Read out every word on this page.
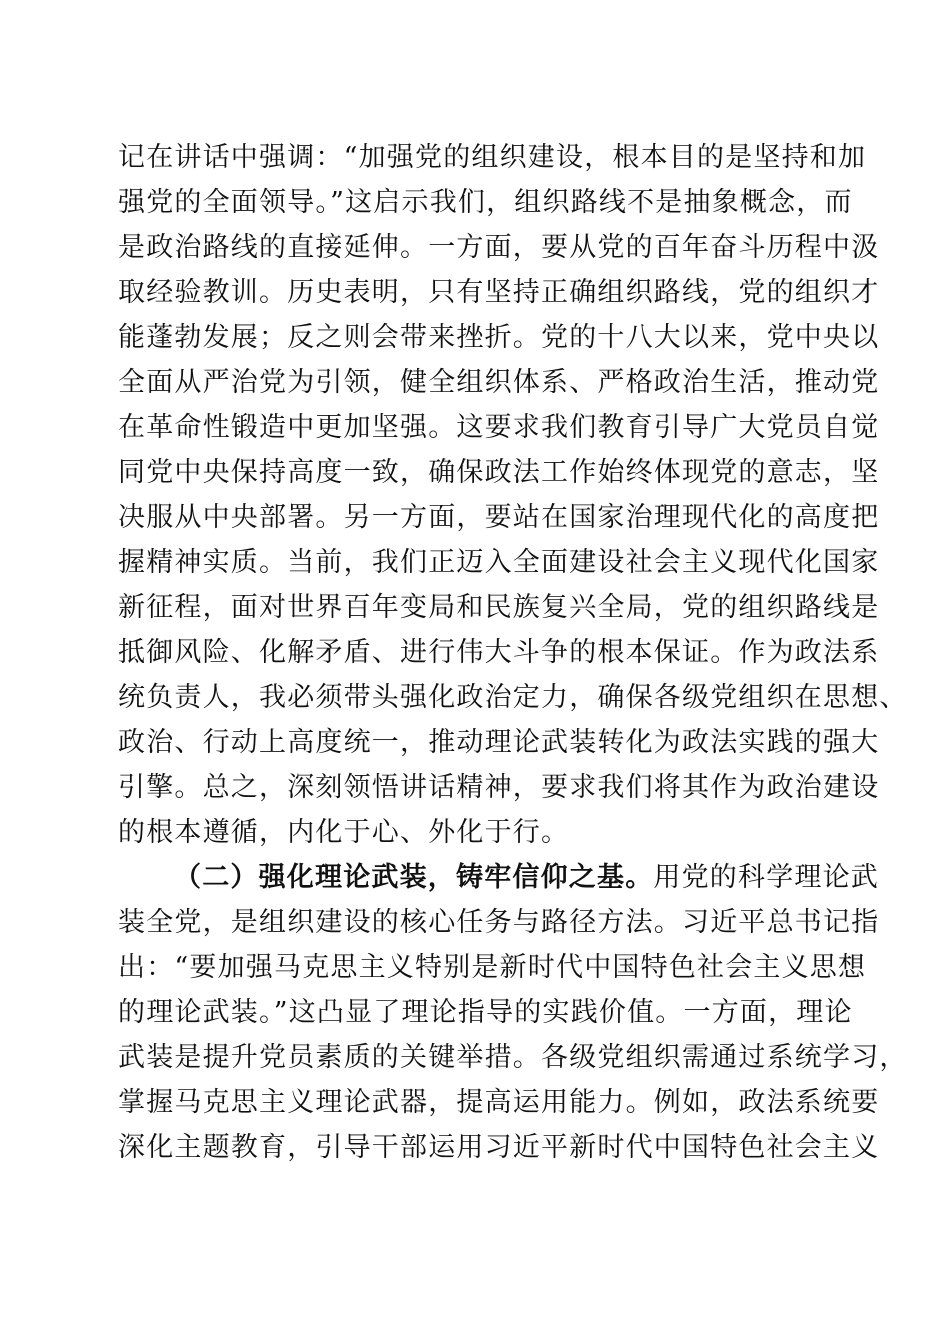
记在讲话中强调：“加强党的组织建设，根本目的是坚持和加
强党的全面领导。”这启示我们，组织路线不是抽象概念，而
是政治路线的直接延伸。一方面，要从党的百年奋斗历程中汲
取经验教训。历史表明，只有坚持正确组织路线，党的组织才
能蓬勃发展；反之则会带来挫折。党的十八大以来，党中央以
全面从严治党为引领，健全组织体系、严格政治生活，推动党
在革命性锻造中更加坚强。这要求我们教育引导广大党员自觉
同党中央保持高度一致，确保政法工作始终体现党的意志，坚
决服从中央部署。另一方面，要站在国家治理现代化的高度把
握精神实质。当前，我们正迈入全面建设社会主义现代化国家
新征程，面对世界百年变局和民族复兴全局，党的组织路线是
抵御风险、化解矛盾、进行伟大斗争的根本保证。作为政法系
统负责人，我必须带头强化政治定力，确保各级党组织在思想、
政治、行动上高度统一，推动理论武装转化为政法实践的强大
引擎。总之，深刻领悟讲话精神，要求我们将其作为政治建设
的根本遵循，内化于心、外化于行。
（二）强化理论武装，铸牢信仰之基。用党的科学理论武
装全党，是组织建设的核心任务与路径方法。习近平总书记指
出：“要加强马克思主义特别是新时代中国特色社会主义思想
的理论武装。”这凸显了理论指导的实践价值。一方面，理论
武装是提升党员素质的关键举措。各级党组织需通过系统学习，
掌握马克思主义理论武器，提高运用能力。例如，政法系统要
深化主题教育，引导干部运用习近平新时代中国特色社会主义
